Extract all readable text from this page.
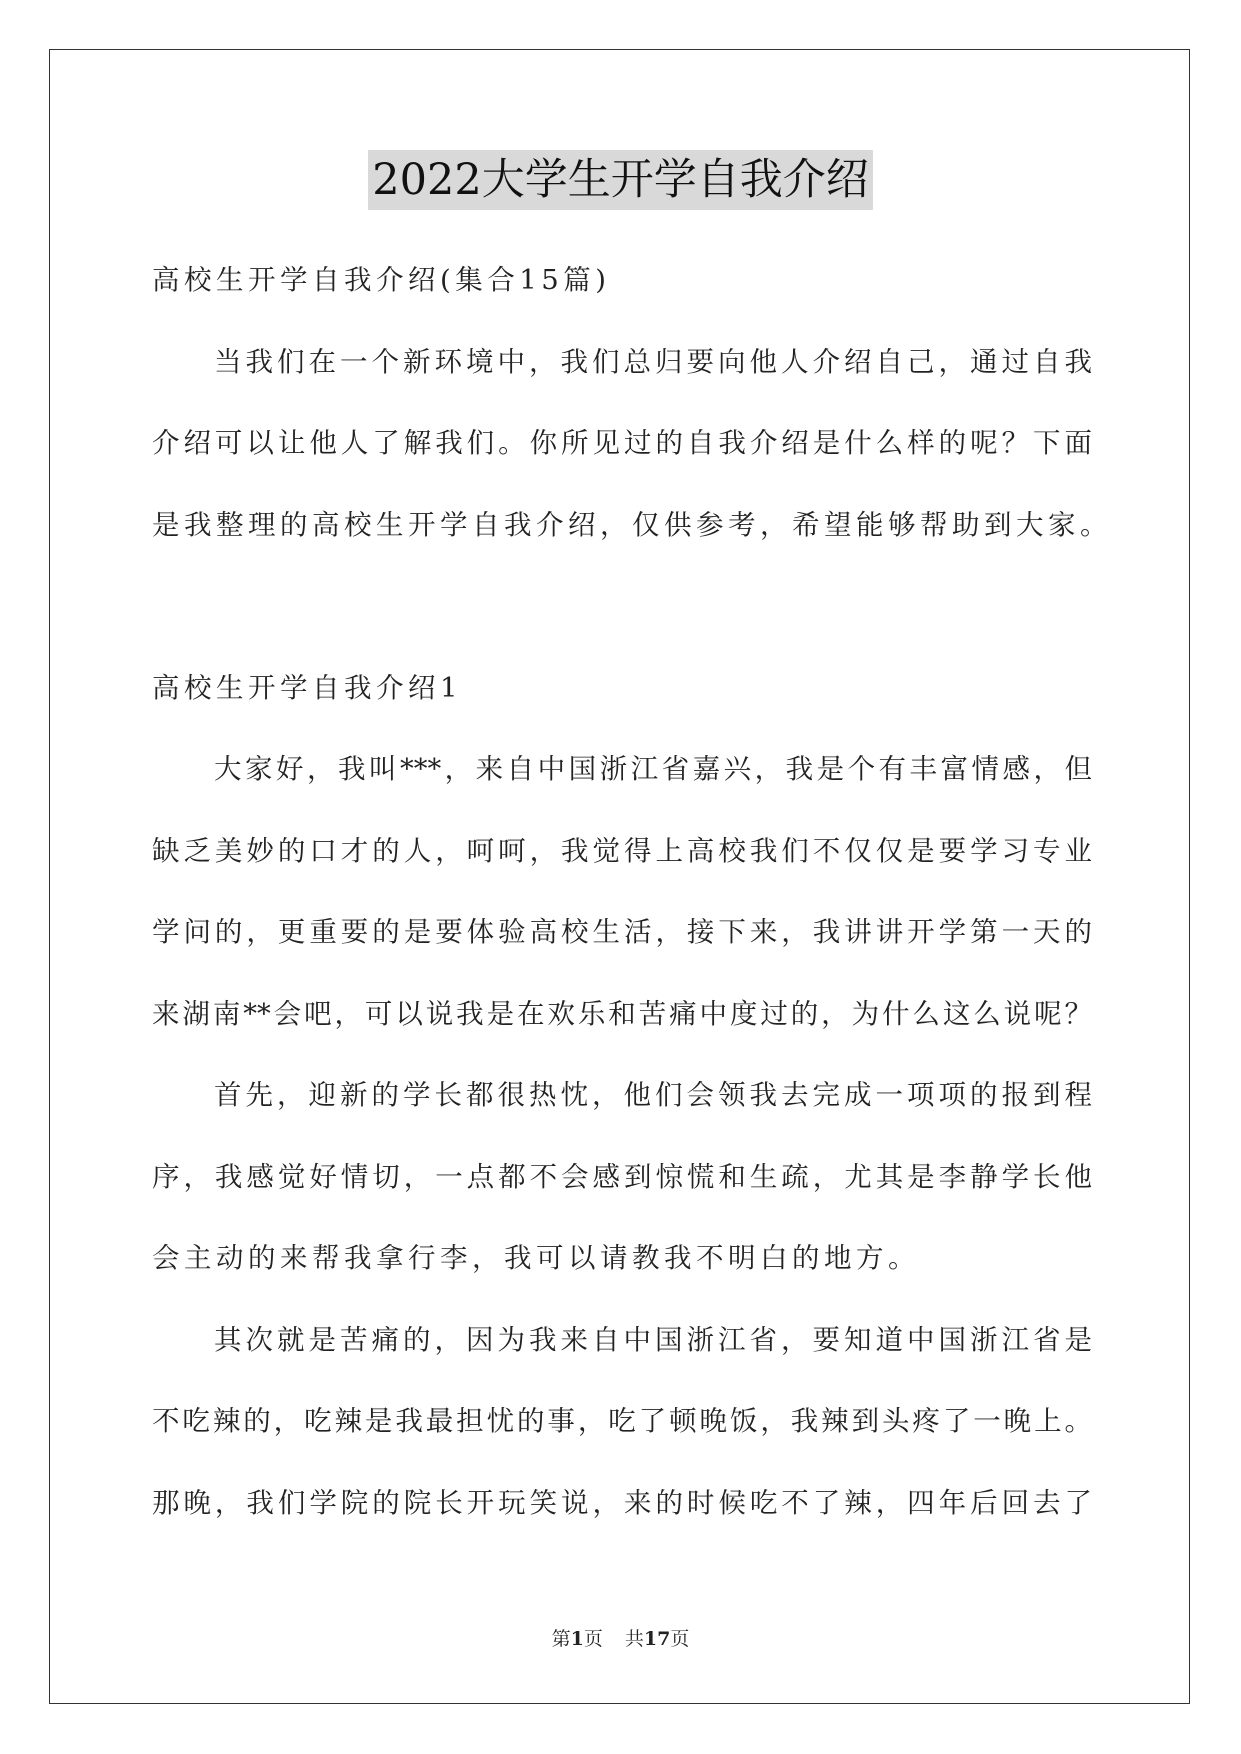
2022大学生开学自我介绍
高校生开学自我介绍(集合15篇)
当我们在一个新环境中，我们总归要向他人介绍自己，通过自我
介绍可以让他人了解我们。你所见过的自我介绍是什么样的呢？下面
是我整理的高校生开学自我介绍，仅供参考，希望能够帮助到大家。
高校生开学自我介绍1
大家好，我叫***，来自中国浙江省嘉兴，我是个有丰富情感，但
缺乏美妙的口才的人，呵呵，我觉得上高校我们不仅仅是要学习专业
学问的，更重要的是要体验高校生活，接下来，我讲讲开学第一天的
来湖南**会吧，可以说我是在欢乐和苦痛中度过的，为什么这么说呢？
首先，迎新的学长都很热忱，他们会领我去完成一项项的报到程
序，我感觉好情切，一点都不会感到惊慌和生疏，尤其是李静学长他
会主动的来帮我拿行李，我可以请教我不明白的地方。
其次就是苦痛的，因为我来自中国浙江省，要知道中国浙江省是
不吃辣的，吃辣是我最担忧的事，吃了顿晚饭，我辣到头疼了一晚上。
那晚，我们学院的院长开玩笑说，来的时候吃不了辣，四年后回去了
第1页 共17页
